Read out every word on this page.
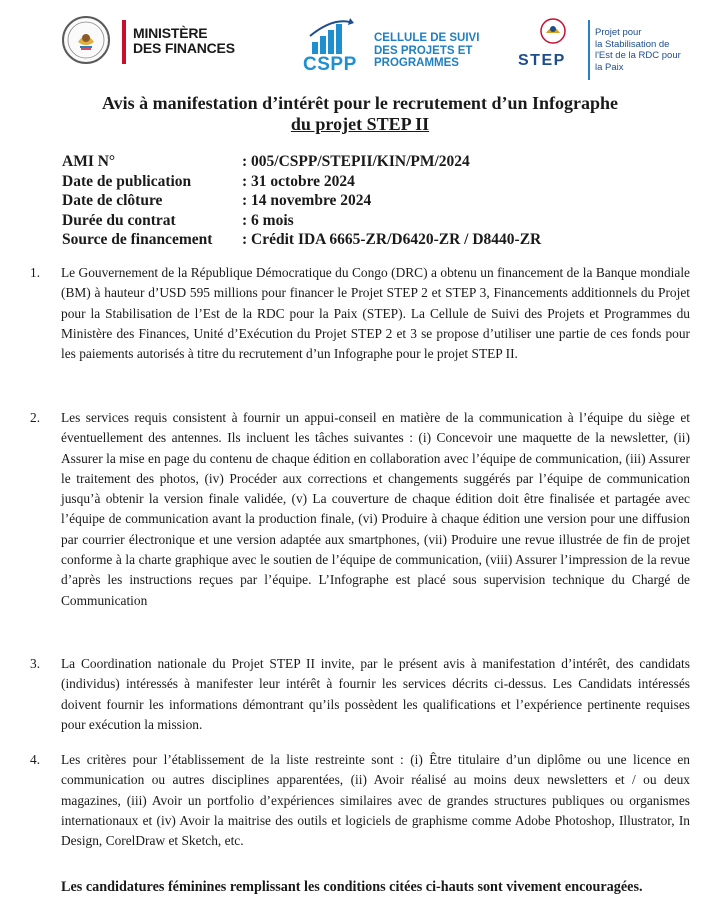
MINISTÈRE
DES FINANCES
CSPP
CELLULE DE SUIVI
DES PROJETS ET
PROGRAMMES	STEP
Projet pour
la Stabilisation de
l'Est de la RDC pour
la Paix
Avis à manifestation d’intérêt pour le recrutement d’un Infographe
du projet STEP II
AMI N°	: 005/CSPP/STEPII/KIN/PM/2024
Date de publication	: 31 octobre 2024
Date de clôture	: 14 novembre 2024
Durée du contrat	: 6 mois
Source de financement	: Crédit IDA 6665-ZR/D6420-ZR / D8440-ZR
1.	Le Gouvernement de la République Démocratique du Congo (DRC) a obtenu un financement de la Banque mondiale (BM) à hauteur d’USD 595 millions pour financer le Projet STEP 2 et STEP 3, Financements additionnels du Projet pour la Stabilisation de l’Est de la RDC pour la Paix (STEP). La Cellule de Suivi des Projets et Programmes du Ministère des Finances, Unité d’Exécution du Projet STEP 2 et 3 se propose d’utiliser une partie de ces fonds pour les paiements autorisés à titre du recrutement d’un Infographe pour le projet STEP II.
2.	Les services requis consistent à fournir un appui-conseil en matière de la communication à l’équipe du siège et éventuellement des antennes. Ils incluent les tâches suivantes : (i) Concevoir une maquette de la newsletter, (ii) Assurer la mise en page du contenu de chaque édition en collaboration avec l’équipe de communication, (iii) Assurer le traitement des photos, (iv) Procéder aux corrections et changements suggérés par l’équipe de communication jusqu’à obtenir la version finale validée, (v) La couverture de chaque édition doit être finalisée et partagée avec l’équipe de communication avant la production finale, (vi) Produire à chaque édition une version pour une diffusion par courrier électronique et une version adaptée aux smartphones, (vii) Produire une revue illustrée de fin de projet conforme à la charte graphique avec le soutien de l’équipe de communication, (viii) Assurer l’impression de la revue d’après les instructions reçues par l’équipe. L’Infographe est placé sous supervision technique du Chargé de Communication
3.	La Coordination nationale du Projet STEP II invite, par le présent avis à manifestation d’intérêt, des candidats (individus) intéressés à manifester leur intérêt à fournir les services décrits ci-dessus. Les Candidats intéressés doivent fournir les informations démontrant qu’ils possèdent les qualifications et l’expérience pertinente requises pour exécution la mission.
4.	Les critères pour l’établissement de la liste restreinte sont : (i) Être titulaire d’un diplôme ou une licence en communication ou autres disciplines apparentées, (ii) Avoir réalisé au moins deux newsletters et / ou deux magazines, (iii) Avoir un portfolio d’expériences similaires avec de grandes structures publiques ou organismes internationaux et (iv) Avoir la maitrise des outils et logiciels de graphisme comme Adobe Photoshop, Illustrator, In Design, CorelDraw et Sketch, etc.
Les candidatures féminines remplissant les conditions citées ci-hauts sont vivement encouragées.
